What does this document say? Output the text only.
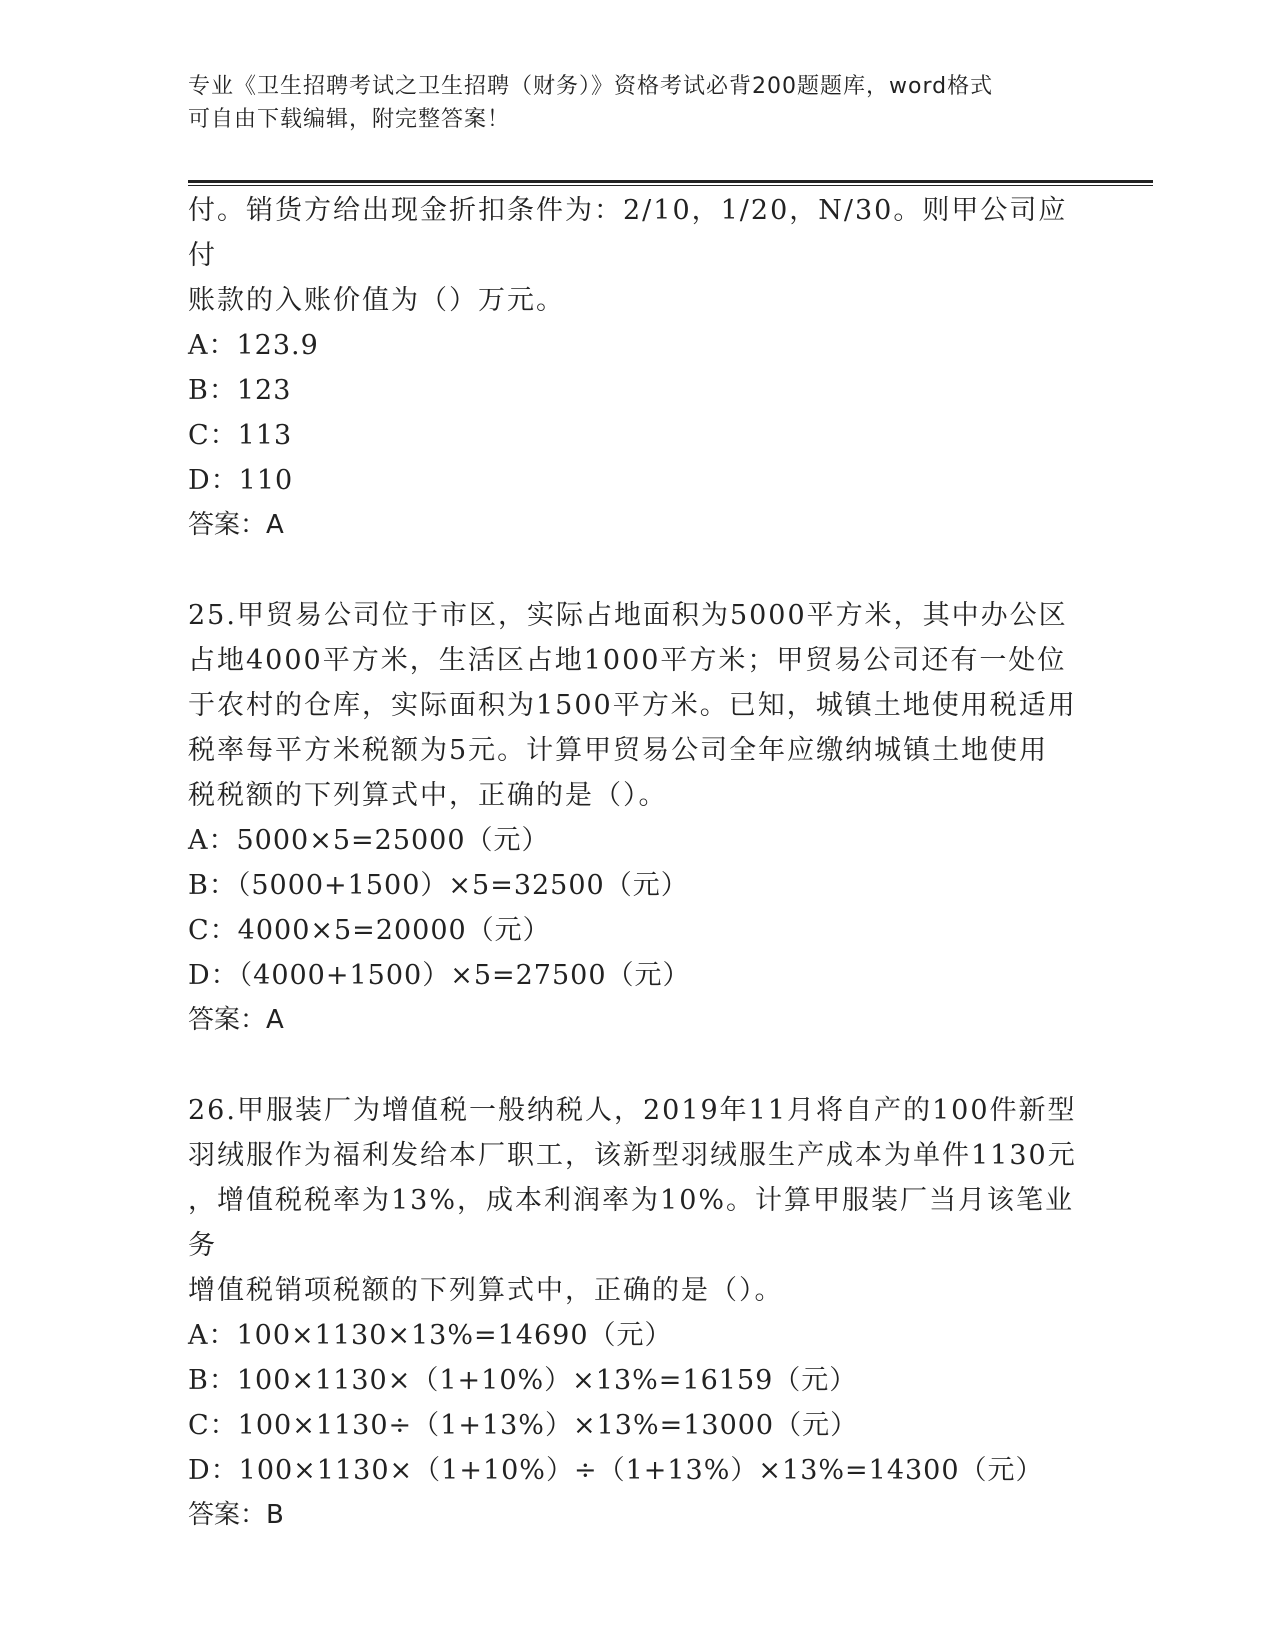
专业《卫生招聘考试之卫生招聘（财务）》资格考试必背200题题库，word格式
可自由下载编辑，附完整答案！

付。销货方给出现金折扣条件为：2/10，1/20，N/30。则甲公司应付

账款的入账价值为（）万元。

A：123.9

B：123

C：113

D：110

答案：A

25.甲贸易公司位于市区，实际占地面积为5000平方米，其中办公区

占地4000平方米，生活区占地1000平方米；甲贸易公司还有一处位

于农村的仓库，实际面积为1500平方米。已知，城镇土地使用税适用

税率每平方米税额为5元。计算甲贸易公司全年应缴纳城镇土地使用

税税额的下列算式中，正确的是（）。

A：5000×5=25000（元）

B：（5000+1500）×5=32500（元）

C：4000×5=20000（元）

D：（4000+1500）×5=27500（元）

答案：A

26.甲服装厂为增值税一般纳税人，2019年11月将自产的100件新型

羽绒服作为福利发给本厂职工，该新型羽绒服生产成本为单件1130元

，增值税税率为13%，成本利润率为10%。计算甲服装厂当月该笔业务

增值税销项税额的下列算式中，正确的是（）。

A：100×1130×13%=14690（元）

B：100×1130×（1+10%）×13%=16159（元）

C：100×1130÷（1+13%）×13%=13000（元）

D：100×1130×（1+10%）÷（1+13%）×13%=14300（元）

答案：B
